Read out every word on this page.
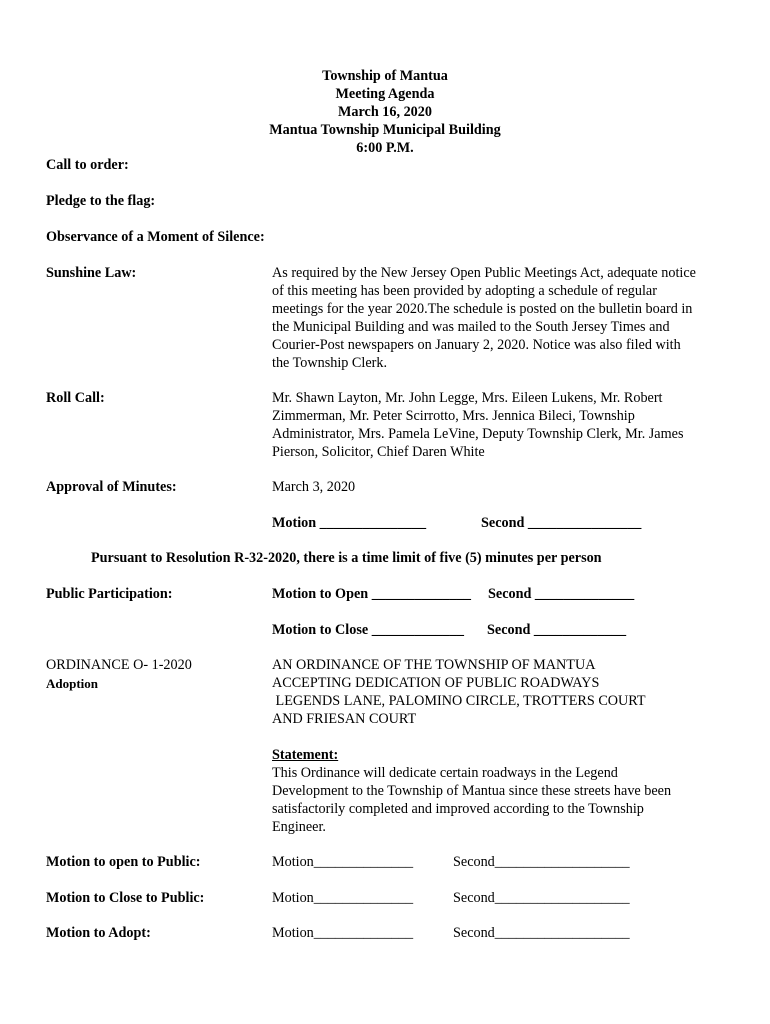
Township of Mantua
Meeting Agenda
March 16, 2020
Mantua Township Municipal Building
6:00 P.M.
Call to order:
Pledge to the flag:
Observance of a Moment of Silence:
Sunshine Law:	As required by the New Jersey Open Public Meetings Act, adequate notice
of this meeting has been provided by adopting a schedule of regular
meetings for the year 2020.The schedule is posted on the bulletin board in
the Municipal Building and was mailed to the South Jersey Times and
Courier-Post newspapers on January 2, 2020. Notice was also filed with
the Township Clerk.
Roll Call:	Mr. Shawn Layton, Mr. John Legge, Mrs. Eileen Lukens, Mr. Robert
Zimmerman, Mr. Peter Scirrotto, Mrs. Jennica Bileci, Township
Administrator, Mrs. Pamela LeVine, Deputy Township Clerk, Mr. James
Pierson, Solicitor, Chief Daren White
Approval of Minutes:	March 3, 2020
Motion _______________	Second ________________
Pursuant to Resolution R-32-2020, there is a time limit of five (5) minutes per person
Public Participation:	Motion to Open ______________ Second ______________
Motion to Close _____________ Second _____________
ORDINANCE O- 1-2020
Adoption
AN ORDINANCE OF THE TOWNSHIP OF MANTUA
ACCEPTING DEDICATION OF PUBLIC ROADWAYS
LEGENDS LANE, PALOMINO CIRCLE, TROTTERS COURT
AND FRIESAN COURT
Statement:
This Ordinance will dedicate certain roadways in the Legend
Development to the Township of Mantua since these streets have been
satisfactorily completed and improved according to the Township
Engineer.
Motion to open to Public:	Motion______________	Second___________________
Motion to Close to Public:	Motion______________	Second___________________
Motion to Adopt:	Motion______________	Second___________________
